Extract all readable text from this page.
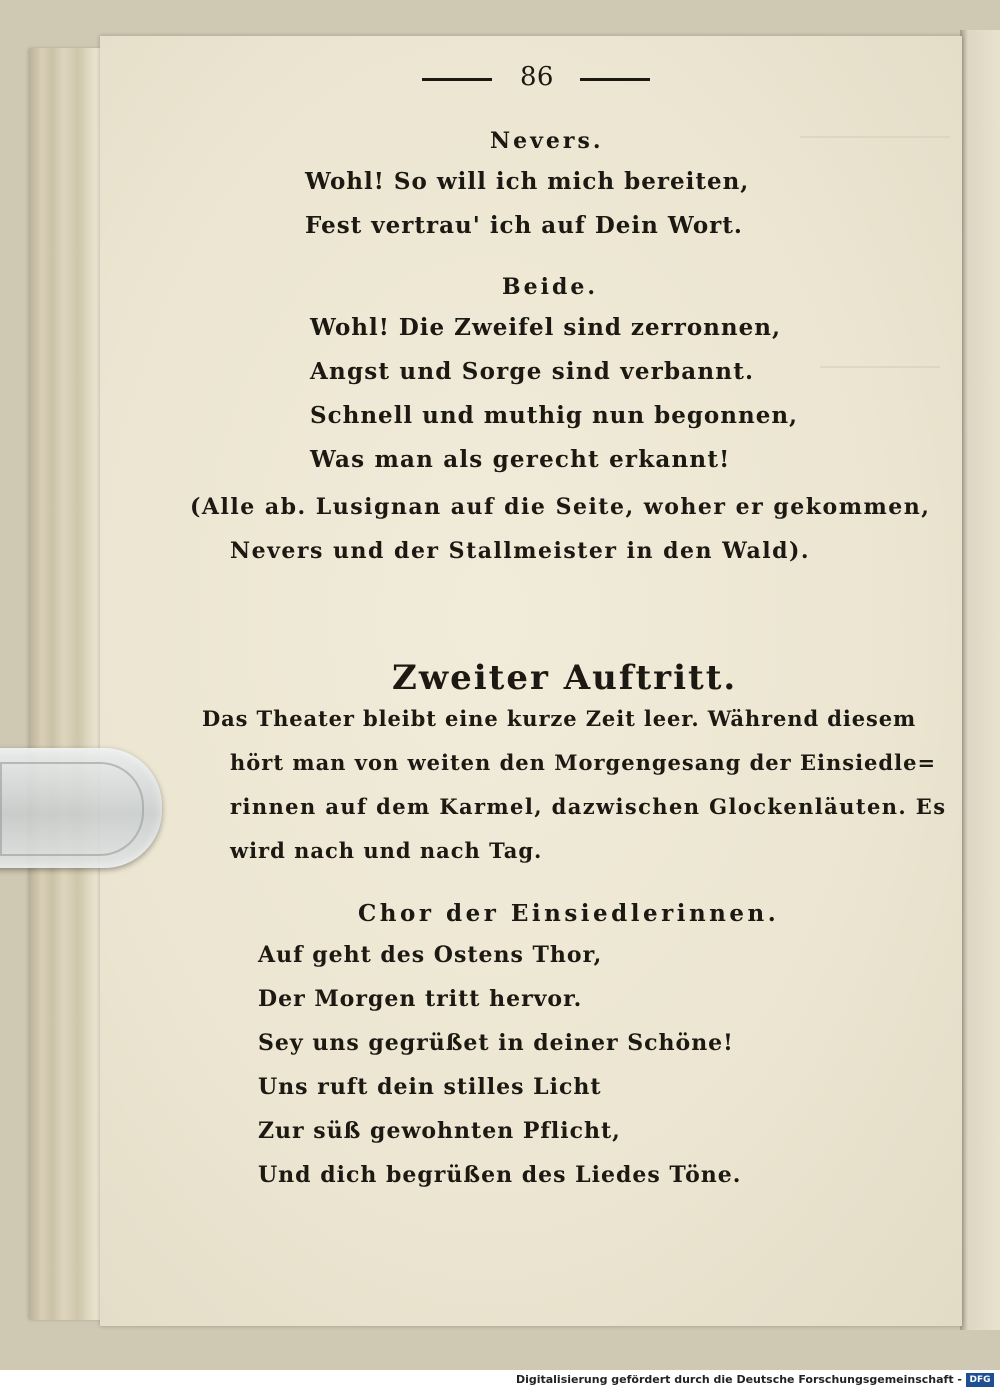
86
Nevers.
Wohl! So will ich mich bereiten,
Fest vertrau' ich auf Dein Wort.
Beide.
Wohl! Die Zweifel sind zerronnen,
Angst und Sorge sind verbannt.
Schnell und muthig nun begonnen,
Was man als gerecht erkannt!
(Alle ab. Lusignan auf die Seite, woher er gekommen,
Nevers und der Stallmeister in den Wald).
Zweiter Auftritt.
Das Theater bleibt eine kurze Zeit leer. Während diesem
hört man von weiten den Morgengesang der Einsiedle=
rinnen auf dem Karmel, dazwischen Glockenläuten. Es
wird nach und nach Tag.
Chor der Einsiedlerinnen.
Auf geht des Ostens Thor,
Der Morgen tritt hervor.
Sey uns gegrüßet in deiner Schöne!
Uns ruft dein stilles Licht
Zur süß gewohnten Pflicht,
Und dich begrüßen des Liedes Töne.
Digitalisierung gefördert durch die Deutsche Forschungsgemeinschaft - DFG
